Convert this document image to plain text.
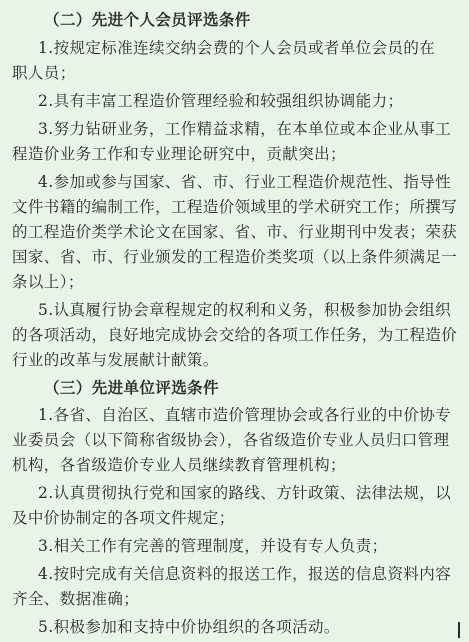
（二）先进个人会员评选条件
1.按规定标准连续交纳会费的个人会员或者单位会员的在
职人员；
2.具有丰富工程造价管理经验和较强组织协调能力；
3.努力钻研业务，工作精益求精，在本单位或本企业从事工
程造价业务工作和专业理论研究中，贡献突出；
4.参加或参与国家、省、市、行业工程造价规范性、指导性
文件书籍的编制工作，工程造价领域里的学术研究工作；所撰写
的工程造价类学术论文在国家、省、市、行业期刊中发表；荣获
国家、省、市、行业颁发的工程造价类奖项（以上条件须满足一
条以上）；
5.认真履行协会章程规定的权利和义务，积极参加协会组织
的各项活动，良好地完成协会交给的各项工作任务，为工程造价
行业的改革与发展献计献策。
（三）先进单位评选条件
1.各省、自治区、直辖市造价管理协会或各行业的中价协专
业委员会（以下简称省级协会），各省级造价专业人员归口管理
机构，各省级造价专业人员继续教育管理机构；
2.认真贯彻执行党和国家的路线、方针政策、法律法规，以
及中价协制定的各项文件规定；
3.相关工作有完善的管理制度，并设有专人负责；
4.按时完成有关信息资料的报送工作，报送的信息资料内容
齐全、数据准确；
5.积极参加和支持中价协组织的各项活动。
